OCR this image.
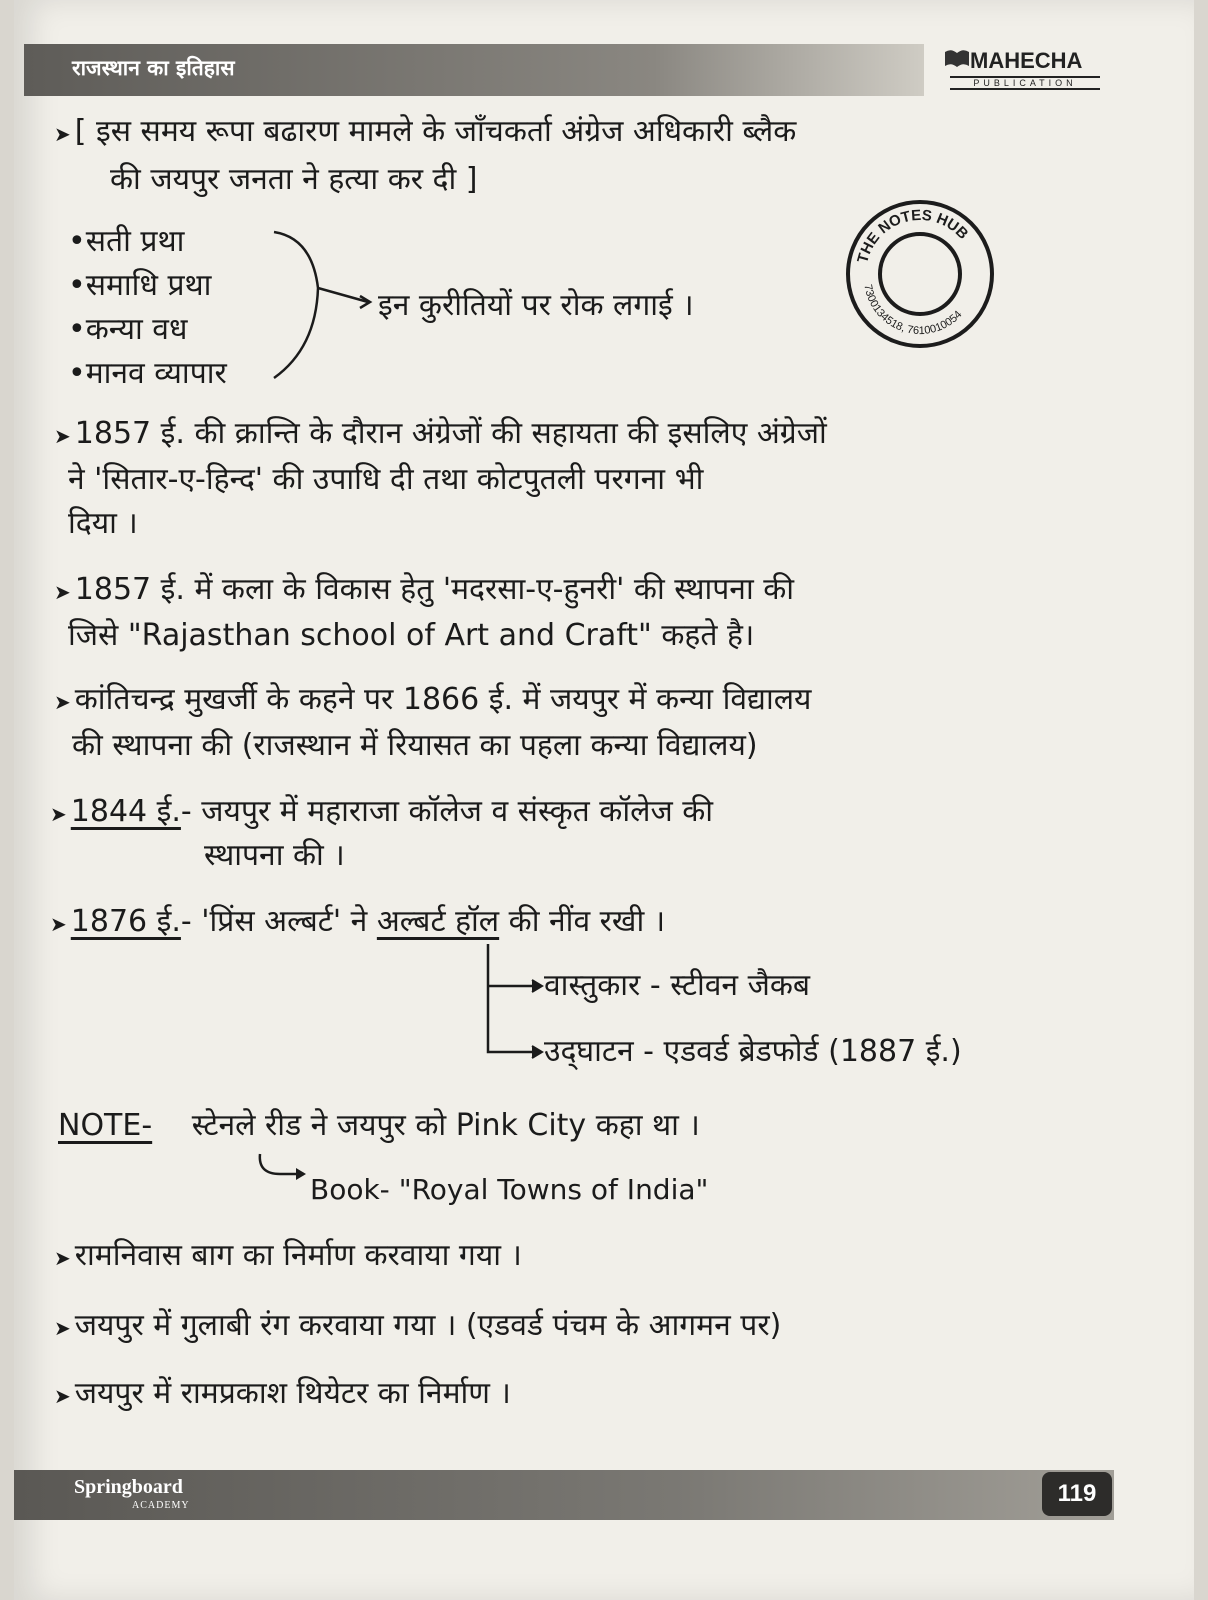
राजस्थान का इतिहास	MAHECHA
PUBLICATION
THE NOTES HUB
7300134518, 7610010054
➤ [ इस समय रूपा बढारण मामले के जाँचकर्ता अंग्रेज अधिकारी ब्लैक
की जयपुर जनता ने हत्या कर दी ]
•सती प्रथा
•समाधि प्रथा
•कन्या वध
•मानव व्यापार
इन कुरीतियों पर रोक लगाई ।
➤ 1857 ई. की क्रान्ति के दौरान अंग्रेजों की सहायता की इसलिए अंग्रेजों
ने 'सितार-ए-हिन्द' की उपाधि दी तथा कोटपुतली परगना भी
दिया ।
➤ 1857 ई. में कला के विकास हेतु 'मदरसा-ए-हुनरी' की स्थापना की
जिसे "Rajasthan school of Art and Craft" कहते है।
➤ कांतिचन्द्र मुखर्जी के कहने पर 1866 ई. में जयपुर में कन्या विद्यालय
की स्थापना की (राजस्थान में रियासत का पहला कन्या विद्यालय)
➤ 1844 ई.- जयपुर में महाराजा कॉलेज व संस्कृत कॉलेज की
स्थापना की ।
➤ 1876 ई.- 'प्रिंस अल्बर्ट' ने अल्बर्ट हॉल की नींव रखी ।
वास्तुकार - स्टीवन जैकब
उद्‌घाटन - एडवर्ड ब्रेडफोर्ड (1887 ई.)
NOTE- स्टेनले रीड ने जयपुर को Pink City कहा था ।
Book- "Royal Towns of India"
➤ रामनिवास बाग का निर्माण करवाया गया ।
➤ जयपुर में गुलाबी रंग करवाया गया । (एडवर्ड पंचम के आगमन पर)
➤ जयपुर में रामप्रकाश थियेटर का निर्माण ।
Springboard
ACADEMY	119
